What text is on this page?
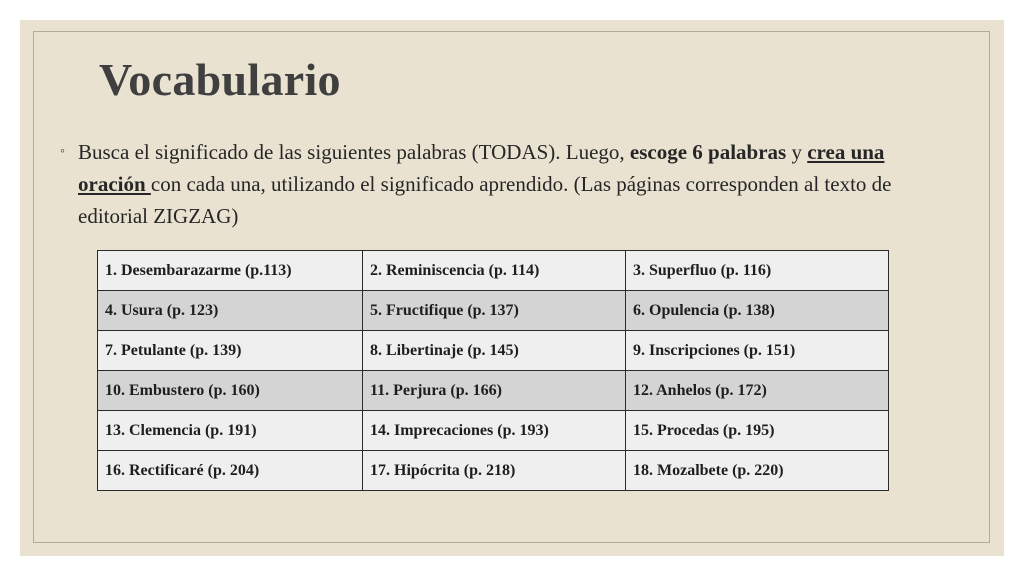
Vocabulario
◦ Busca el significado de las siguientes palabras (TODAS). Luego, escoge 6 palabras y crea una oración con cada una, utilizando el significado aprendido. (Las páginas corresponden al texto de editorial ZIGZAG)
1. Desembarazarme (p.113)	2. Reminiscencia (p. 114)	3. Superfluo (p. 116)
4. Usura (p. 123)	5. Fructifique (p. 137)	6. Opulencia (p. 138)
7. Petulante (p. 139)	8. Libertinaje (p. 145)	9. Inscripciones (p. 151)
10. Embustero (p. 160)	11. Perjura (p. 166)	12. Anhelos (p. 172)
13. Clemencia (p. 191)	14. Imprecaciones (p. 193)	15. Procedas (p. 195)
16. Rectificaré (p. 204)	17. Hipócrita (p. 218)	18. Mozalbete (p. 220)
